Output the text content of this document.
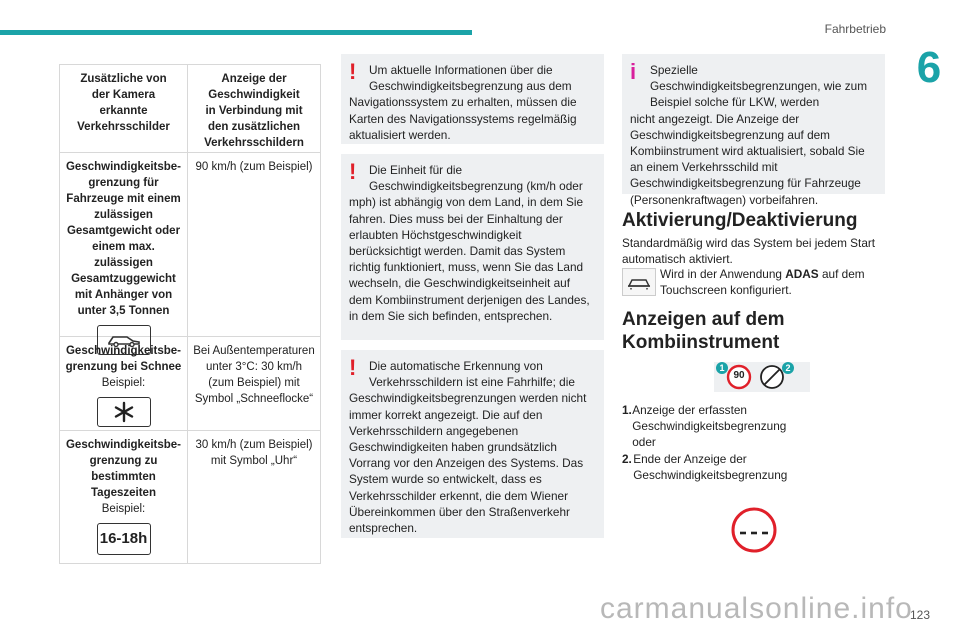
Fahrbetrieb
6
Zusätzliche von der Kamera erkannte Verkehrsschilder
Anzeige der Geschwindigkeit in Verbindung mit den zusätzlichen Verkehrsschildern
Geschwindigkeitsbe-grenzung für Fahrzeuge mit einem zulässigen Gesamtgewicht oder einem max. zulässigen Gesamtzuggewicht mit Anhänger von unter 3,5 Tonnen
90 km/h (zum Beispiel)
Geschwindigkeitsbe-grenzung bei Schnee
Beispiel:
Bei Außentemperaturen unter 3°C: 30 km/h (zum Beispiel) mit Symbol „Schneeflocke“
Geschwindigkeitsbe-grenzung zu bestimmten Tageszeiten
Beispiel:
16-18h
30 km/h (zum Beispiel) mit Symbol „Uhr“
! Um aktuelle Informationen über die Geschwindigkeitsbegrenzung aus dem
Navigationssystem zu erhalten, müssen die Karten des Navigationssystems regelmäßig aktualisiert werden.
! Die Einheit für die Geschwindigkeitsbegrenzung (km/h oder
mph) ist abhängig von dem Land, in dem Sie fahren. Dies muss bei der Einhaltung der erlaubten Höchstgeschwindigkeit berücksichtigt werden. Damit das System richtig funktioniert, muss, wenn Sie das Land wechseln, die Geschwindigkeitseinheit auf dem Kombiinstrument derjenigen des Landes, in dem Sie sich befinden, entsprechen.
! Die automatische Erkennung von Verkehrsschildern ist eine Fahrhilfe; die
Geschwindigkeitsbegrenzungen werden nicht immer korrekt angezeigt. Die auf den Verkehrsschildern angegebenen Geschwindigkeiten haben grundsätzlich Vorrang vor den Anzeigen des Systems. Das System wurde so entwickelt, dass es Verkehrsschilder erkennt, die dem Wiener Übereinkommen über den Straßenverkehr entsprechen.
i Spezielle Geschwindigkeitsbegrenzungen, wie zum Beispiel solche für LKW, werden
nicht angezeigt. Die Anzeige der Geschwindigkeitsbegrenzung auf dem Kombiinstrument wird aktualisiert, sobald Sie an einem Verkehrsschild mit Geschwindigkeitsbegrenzung für Fahrzeuge (Personenkraftwagen) vorbeifahren.
Aktivierung/Deaktivierung
Standardmäßig wird das System bei jedem Start automatisch aktiviert.
Wird in der Anwendung ADAS auf dem Touchscreen konfiguriert.
Anzeigen auf dem Kombiinstrument
90
1	2
1. Anzeige der erfassten Geschwindigkeitsbegrenzung oder
2. Ende der Anzeige der Geschwindigkeitsbegrenzung
123
carmanualsonline.info
